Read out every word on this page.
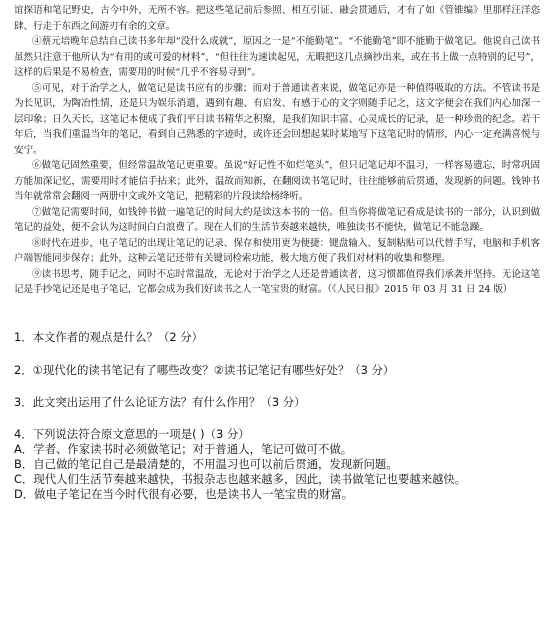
谊探语和笔记野史，古今中外，无所不容。把这些笔记前后参照、相互引证、融会贯通后，才有了如《管锥编》里那样汪洋恣肆、行走于东西之间游刃有余的文章。

④蔡元培晚年总结自己读书多年却“没什么成就”，原因之一是“不能勤笔”。“不能勤笔”即不能勤于做笔记。他说自己读书虽然只注意于他所认为“有用的或可爱的材料”，“但往往为速读起见，无暇把这几点摘抄出来，或在书上做一点特别的记号”，这样的后果是不易检查，需要用的时候“几乎不容易寻到”。

⑤可见，对于治学之人，做笔记是读书应有的步骤；而对于普通读者来说，做笔记亦是一种值得吸取的方法。不管读书是为长见识，为陶冶性情，还是只为娱乐消遣，遇到有趣、有启发、有感于心的文字则随手记之，这文字便会在我们内心加深一层印象；日久天长，这笔记本便成了我们平日读书精华之积聚，是我们知识丰富、心灵成长的记录，是一种珍贵的纪念。若干年后，当我们重温当年的笔记，看到自己熟悉的字迹时，或许还会回想起某时某地写下这笔记时的情形，内心一定充满喜悦与安宁。

⑥做笔记固然重要，但经常温故笔记更重要。虽说“好记性不如烂笔头”，但只记笔记却不温习，一样容易遗忘，时常巩固方能加深记忆，需要用时才能信手拈来；此外，温故而知新，在翻阅读书笔记时，往往能够前后贯通，发现新的问题。钱钟书当年就常常会翻阅一两册中文或外文笔记，把精彩的片段读给杨绛听。

⑦做笔记需要时间，如钱钟书做一遍笔记的时间大约是读这本书的一倍。但当你将做笔记看成是读书的一部分，认识到做笔记的益处，便不会认为这时间白白浪费了。现在人们的生活节奏越来越快，唯独读书不能快，做笔记不能急躁。

⑧时代在进步，电子笔记的出现让笔记的记录、保存和使用更为便捷：键盘输入、复制粘贴可以代替手写，电脑和手机客户端智能同步保存；此外，这种云笔记还带有关键词检索功能，极大地方便了我们对材料的收集和整理。

⑨读书思考，随手记之，同时不忘时常温故，无论对于治学之人还是普通读者，这习惯都值得我们承袭并坚持。无论这笔记是手抄笔记还是电子笔记，它都会成为我们好读书之人一笔宝贵的财富。（《人民日报》2015 年 03 月 31 日 24 版）

1．本文作者的观点是什么？（2 分）

2．①现代化的读书笔记有了哪些改变？②读书记笔记有哪些好处？（3 分）

3．此文突出运用了什么论证方法？有什么作用？（3 分）

4．下列说法符合原文意思的一项是( )（3 分）

A．学者、作家读书时必须做笔记；对于普通人，笔记可做可不做。

B．自己做的笔记自己是最清楚的，不用温习也可以前后贯通，发现新问题。

C．现代人们生活节奏越来越快，书报杂志也越来越多，因此，读书做笔记也要越来越快。

D．做电子笔记在当今时代很有必要，也是读书人一笔宝贵的财富。
